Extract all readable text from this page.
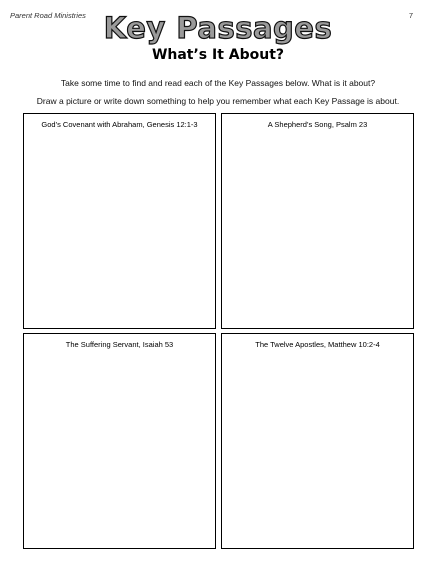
Parent Road Ministries	7
Key Passages
What’s It About?
Take some time to find and read each of the Key Passages below. What is it about?
Draw a picture or write down something to help you remember what each Key Passage is about.
God’s Covenant with Abraham, Genesis 12:1-3	A Shepherd’s Song, Psalm 23
The Suffering Servant, Isaiah 53	The Twelve Apostles, Matthew 10:2-4
